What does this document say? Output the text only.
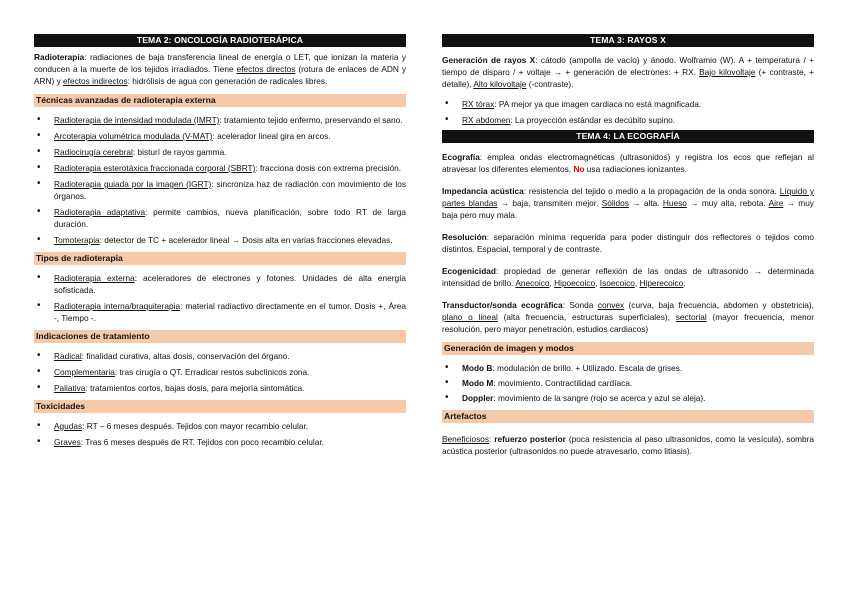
TEMA 2: ONCOLOGÍA RADIOTERÁPICA

Radioterapia: radiaciones de baja transferencia lineal de energía o LET, que ionizan la materia y conducen a la muerte de los tejidos irradiados. Tiene efectos directos (rotura de enlaces de ADN y ARN) y efectos indirectos: hidrólisis de agua con generación de radicales libres.

Técnicas avanzadas de radioterapia externa
• Radioterapia de intensidad modulada (IMRT): tratamiento tejido enfermo, preservando el sano.
• Arcoterapia volumétrica modulada (V-MAT): acelerador lineal gira en arcos.
• Radiocirugía cerebral: bisturí de rayos gamma.
• Radioterapia esterotáxica fraccionada corporal (SBRT): fracciona dosis con extrema precisión.
• Radioterapia guiada por la imagen (IGRT): sincroniza haz de radiación con movimiento de los órganos.
• Radioterapia adaptativa: permite cambios, nueva planificación, sobre todo RT de larga duración.
• Tomoterapia: detector de TC + acelerador lineal → Dosis alta en varias fracciones elevadas.
Tipos de radioterapia
• Radioterapia externa: aceleradores de electrones y fotones. Unidades de alta energía sofisticada.
• Radioterapia interna/braquiterapia: material radiactivo directamente en el tumor. Dosis +, Área -, Tiempo -.
Indicaciones de tratamiento
• Radical: finalidad curativa, altas dosis, conservación del órgano.
• Complementaria: tras cirugía o QT. Erradicar restos subclínicos zona.
• Paliativa: tratamientos cortos, bajas dosis, para mejoría sintomática.
Toxicidades
• Agudas: RT – 6 meses después. Tejidos con mayor recambio celular.
• Graves: Tras 6 meses después de RT. Tejidos con poco recambio celular.
TEMA 3: RAYOS X

Generación de rayos X: cátodo (ampolla de vacío) y ánodo. Wolframio (W). A + temperatura / + tiempo de disparo / + voltaje → + generación de electrones: + RX. Bajo kilovoltaje (+ contraste, + detalle), Alto kilovoltaje (-contraste).

• RX tórax: PA mejor ya que imagen cardiaca no está magnificada.
• RX abdomen: La proyección estándar es decúbito supino.
TEMA 4: LA ECOGRAFÍA

Ecografía: emplea ondas electromagnéticas (ultrasonidos) y registra los ecos que reflejan al atravesar los diferentes elementos. No usa radiaciones ionizantes.

Impedancia acústica: resistencia del tejido o medio a la propagación de la onda sonora. Líquido y partes blandas → baja, transmiten mejor. Sólidos → alta. Hueso → muy alta, rebota. Aire → muy baja pero muy mala.

Resolución: separación mínima requerida para poder distinguir dos reflectores o tejidos como distintos. Espacial, temporal y de contraste.

Ecogenicidad: propiedad de generar reflexión de las ondas de ultrasonido → determinada intensidad de brillo. Anecoico, Hipoecoico, Isoecoico, Hiperecoico.

Transductor/sonda ecográfica: Sonda convex (curva, baja frecuencia, abdomen y obstetricia), plano o lineal (alta frecuencia, estructuras superficiales), sectorial (mayor frecuencia, menor resolución, pero mayor penetración, estudios cardiacos)

Generación de imagen y modos
• Modo B: modulación de brillo. + Utilizado. Escala de grises.
• Modo M: movimiento. Contractilidad cardíaca.
• Doppler: movimiento de la sangre (rojo se acerca y azul se aleja).
Artefactos

Beneficiosos: refuerzo posterior (poca resistencia al paso ultrasonidos, como la vesícula), sombra acústica posterior (ultrasonidos no puede atravesarlo, como litiasis).
